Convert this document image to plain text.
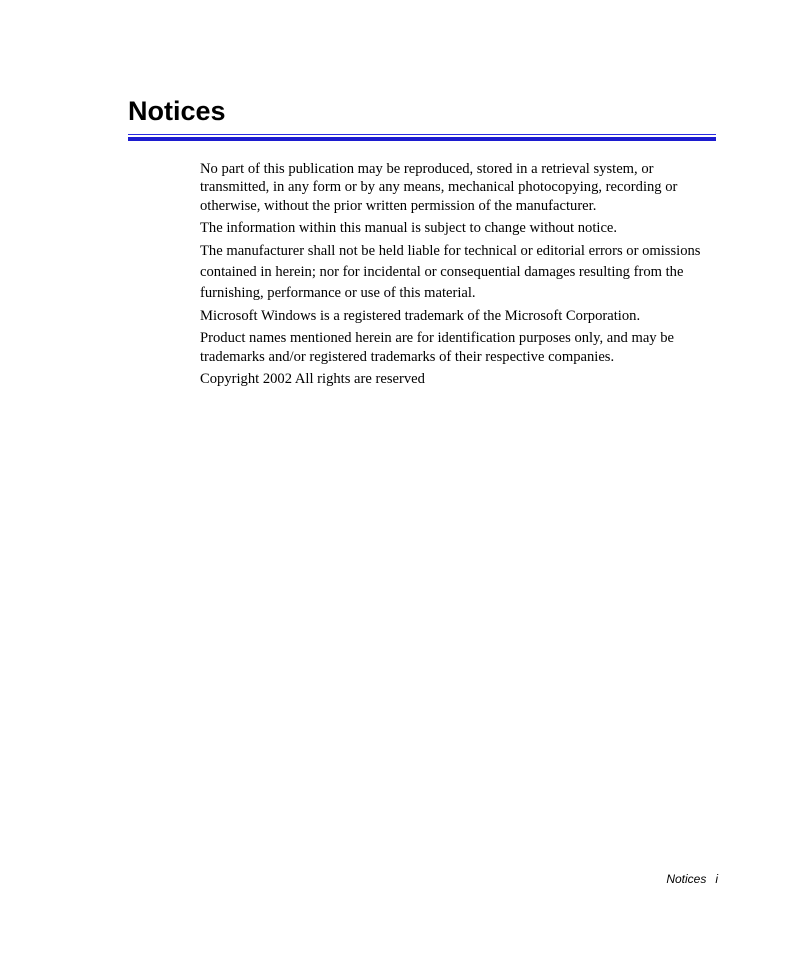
Notices

No part of this publication may be reproduced, stored in a retrieval system, or
transmitted, in any form or by any means, mechanical photocopying, recording or
otherwise, without the prior written permission of the manufacturer.

The information within this manual is subject to change without notice.

The manufacturer shall not be held liable for technical or editorial errors or omissions
contained in herein; nor for incidental or consequential damages resulting from the
furnishing, performance or use of this material.

Microsoft Windows is a registered trademark of the Microsoft Corporation.

Product names mentioned herein are for identification purposes only, and may be
trademarks and/or registered trademarks of their respective companies.

Copyright 2002 All rights are reserved

Notices i
